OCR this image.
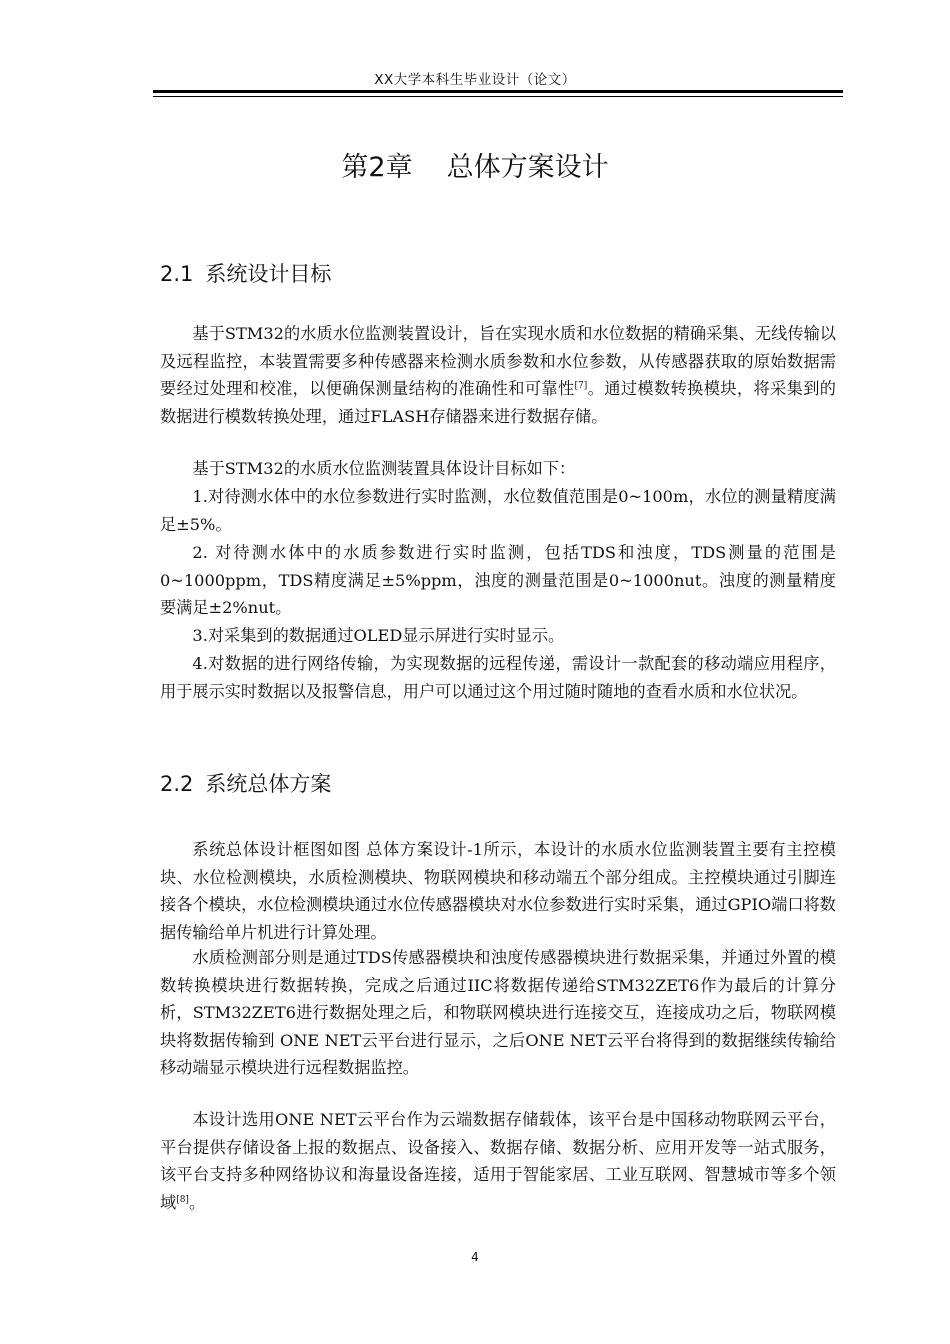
XX大学本科生毕业设计（论文）
第2章 总体方案设计
2.1 系统设计目标

基于STM32的水质水位监测装置设计，旨在实现水质和水位数据的精确采集、无线传输以及远程监控，本装置需要多种传感器来检测水质参数和水位参数，从传感器获取的原始数据需要经过处理和校准，以便确保测量结构的准确性和可靠性[7]。通过模数转换模块，将采集到的数据进行模数转换处理，通过FLASH存储器来进行数据存储。

基于STM32的水质水位监测装置具体设计目标如下：

1.对待测水体中的水位参数进行实时监测，水位数值范围是0~100m，水位的测量精度满足±5%。

2. 对待测水体中的水质参数进行实时监测，包括TDS和浊度，TDS测量的范围是0~1000ppm，TDS精度满足±5%ppm，浊度的测量范围是0~1000nut。浊度的测量精度要满足±2%nut。

3.对采集到的数据通过OLED显示屏进行实时显示。

4.对数据的进行网络传输，为实现数据的远程传递，需设计一款配套的移动端应用程序，用于展示实时数据以及报警信息，用户可以通过这个用过随时随地的查看水质和水位状况。

2.2 系统总体方案

系统总体设计框图如图 总体方案设计-1所示，本设计的水质水位监测装置主要有主控模块、水位检测模块，水质检测模块、物联网模块和移动端五个部分组成。主控模块通过引脚连接各个模块，水位检测模块通过水位传感器模块对水位参数进行实时采集，通过GPIO端口将数据传输给单片机进行计算处理。

水质检测部分则是通过TDS传感器模块和浊度传感器模块进行数据采集，并通过外置的模数转换模块进行数据转换，完成之后通过IIC将数据传递给STM32ZET6作为最后的计算分析，STM32ZET6进行数据处理之后，和物联网模块进行连接交互，连接成功之后，物联网模块将数据传输到 ONE NET云平台进行显示，之后ONE NET云平台将得到的数据继续传输给移动端显示模块进行远程数据监控。

本设计选用ONE NET云平台作为云端数据存储载体，该平台是中国移动物联网云平台，平台提供存储设备上报的数据点、设备接入、数据存储、数据分析、应用开发等一站式服务，该平台支持多种网络协议和海量设备连接，适用于智能家居、工业互联网、智慧城市等多个领域[8]。

4
